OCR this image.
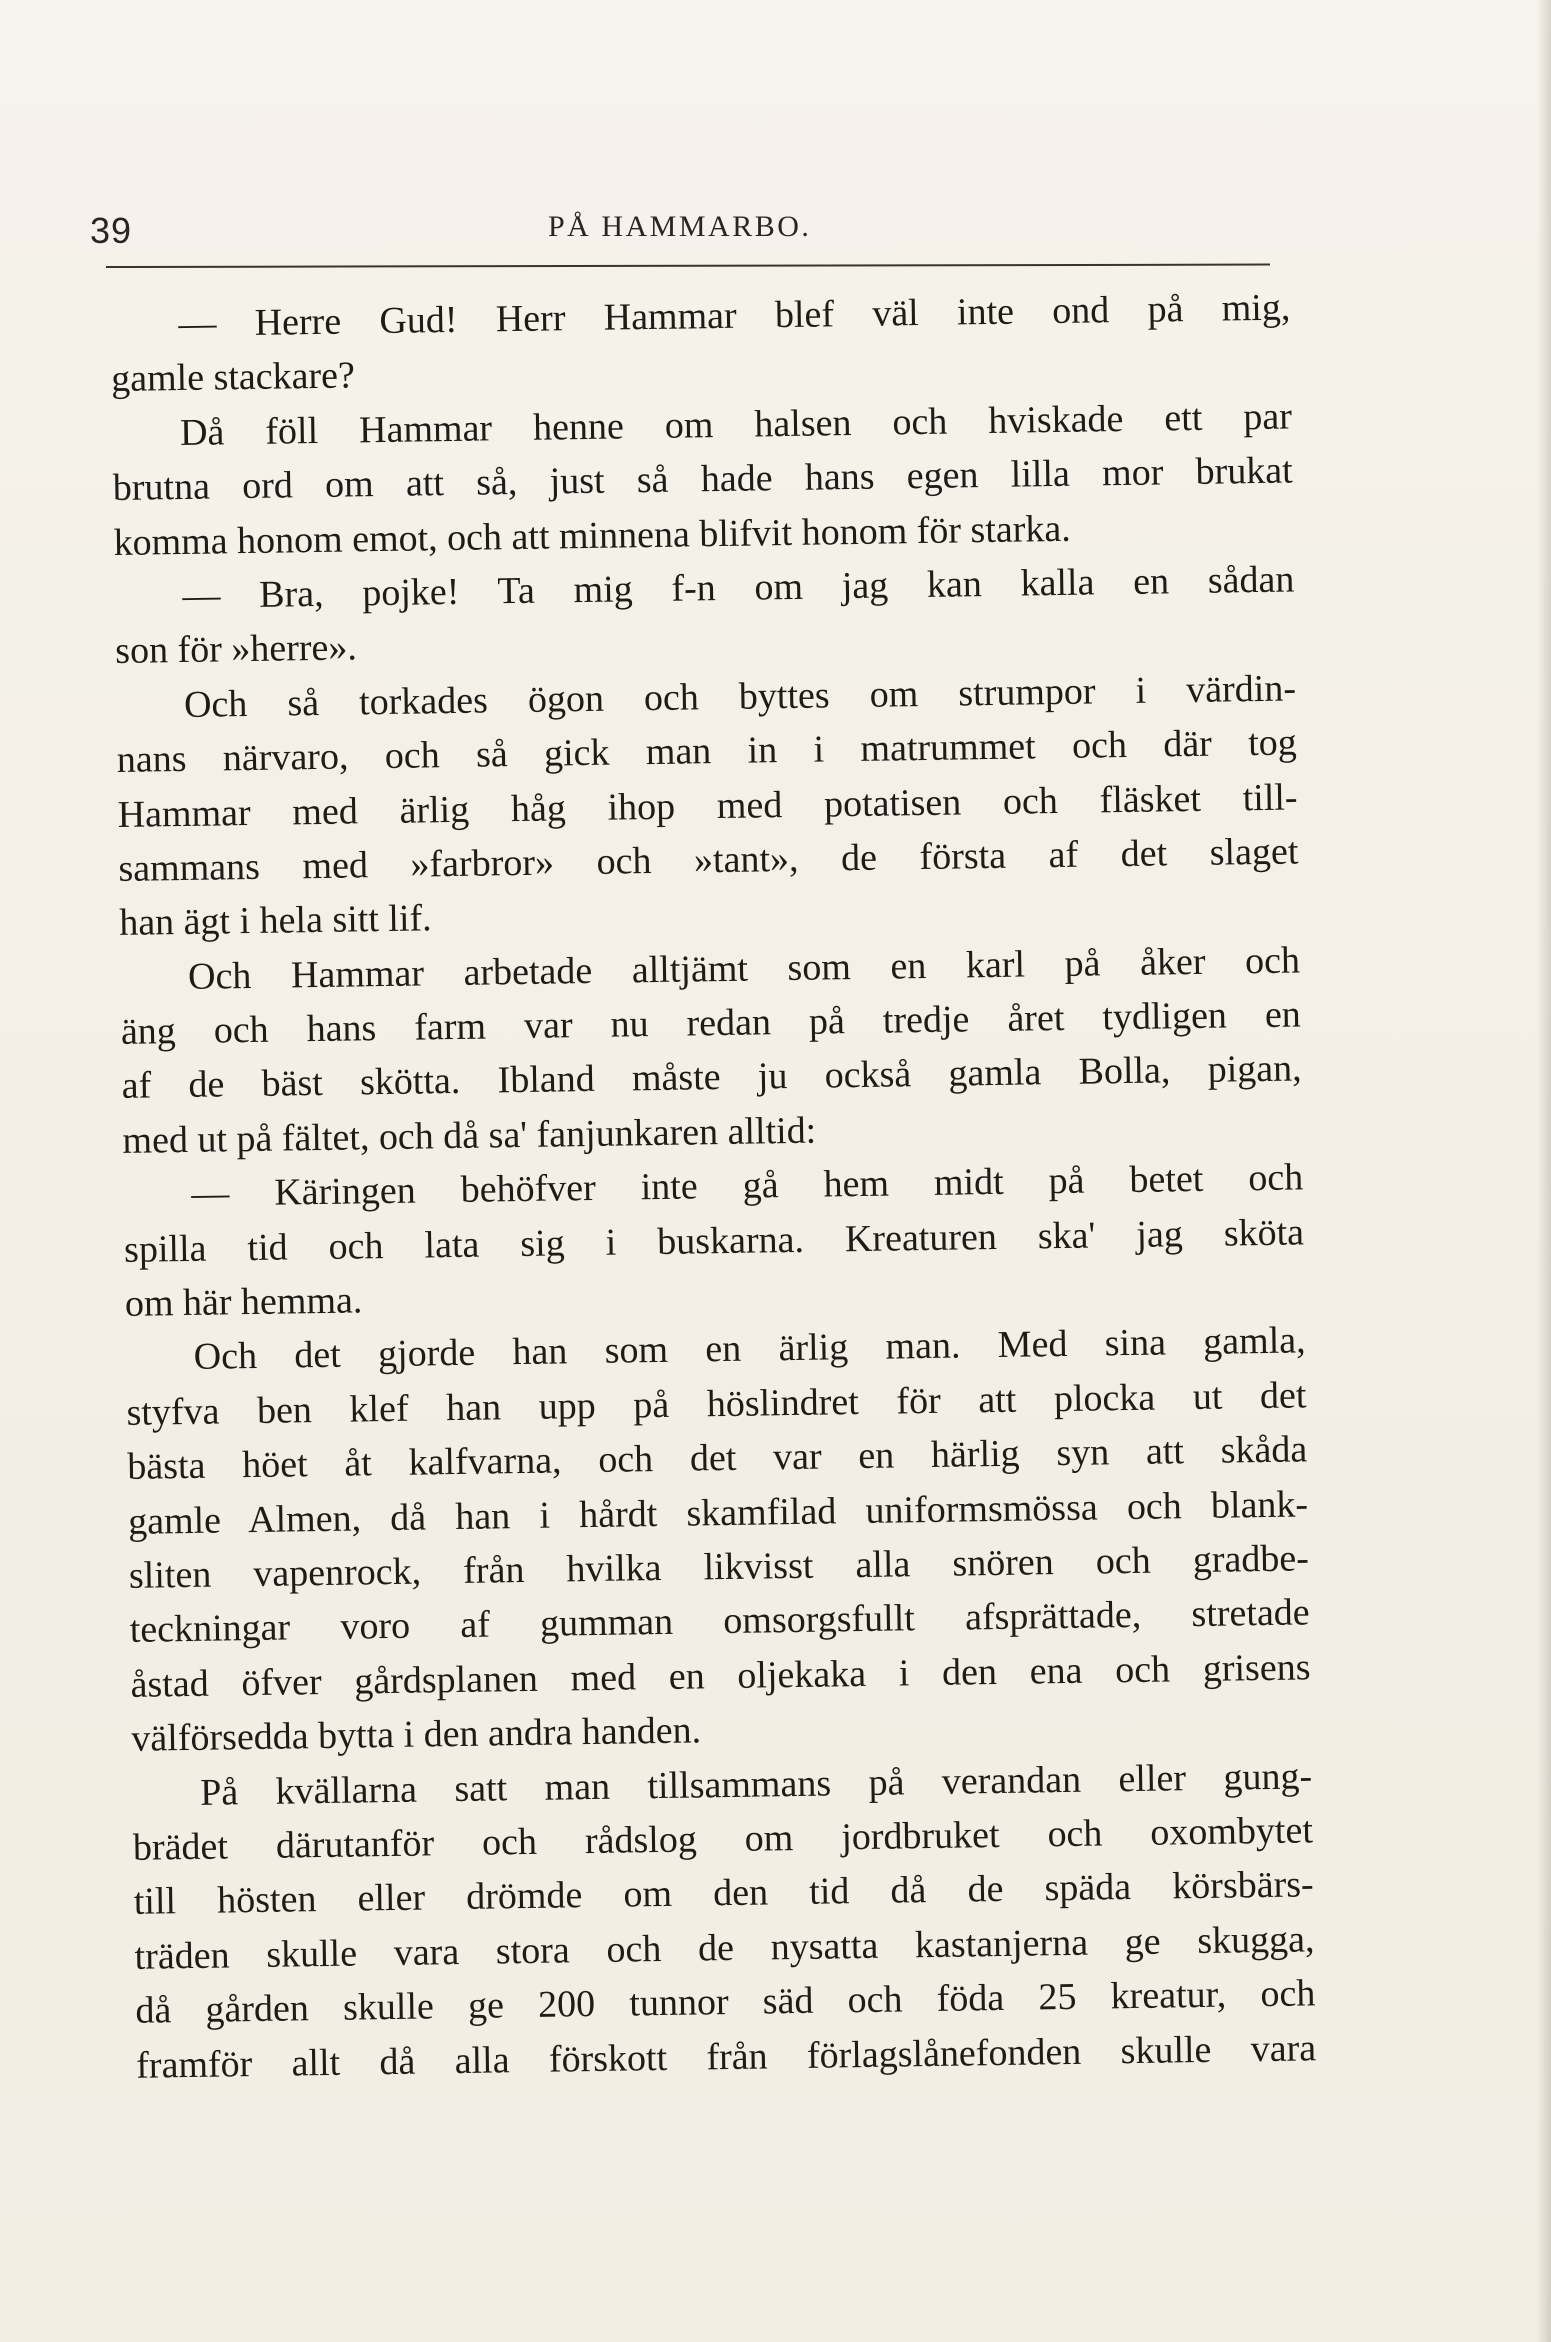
39	PÅ HAMMARBO.
— Herre Gud! Herr Hammar blef väl inte ond på mig,
gamle stackare?
Då föll Hammar henne om halsen och hviskade ett par
brutna ord om att så, just så hade hans egen lilla mor brukat
komma honom emot, och att minnena blifvit honom för starka.
— Bra, pojke! Ta mig f-n om jag kan kalla en sådan
son för »herre».
Och så torkades ögon och byttes om strumpor i värdin-
nans närvaro, och så gick man in i matrummet och där tog
Hammar med ärlig håg ihop med potatisen och fläsket till-
sammans med »farbror» och »tant», de första af det slaget
han ägt i hela sitt lif.
Och Hammar arbetade alltjämt som en karl på åker och
äng och hans farm var nu redan på tredje året tydligen en
af de bäst skötta. Ibland måste ju också gamla Bolla, pigan,
med ut på fältet, och då sa' fanjunkaren alltid:
— Käringen behöfver inte gå hem midt på betet och
spilla tid och lata sig i buskarna. Kreaturen ska' jag sköta
om här hemma.
Och det gjorde han som en ärlig man. Med sina gamla,
styfva ben klef han upp på höslindret för att plocka ut det
bästa höet åt kalfvarna, och det var en härlig syn att skåda
gamle Almen, då han i hårdt skamfilad uniformsmössa och blank-
sliten vapenrock, från hvilka likvisst alla snören och gradbe-
teckningar voro af gumman omsorgsfullt afsprättade, stretade
åstad öfver gårdsplanen med en oljekaka i den ena och grisens
välförsedda bytta i den andra handen.
På kvällarna satt man tillsammans på verandan eller gung-
brädet därutanför och rådslog om jordbruket och oxombytet
till hösten eller drömde om den tid då de späda körsbärs-
träden skulle vara stora och de nysatta kastanjerna ge skugga,
då gården skulle ge 200 tunnor säd och föda 25 kreatur, och
framför allt då alla förskott från förlagslånefonden skulle vara
